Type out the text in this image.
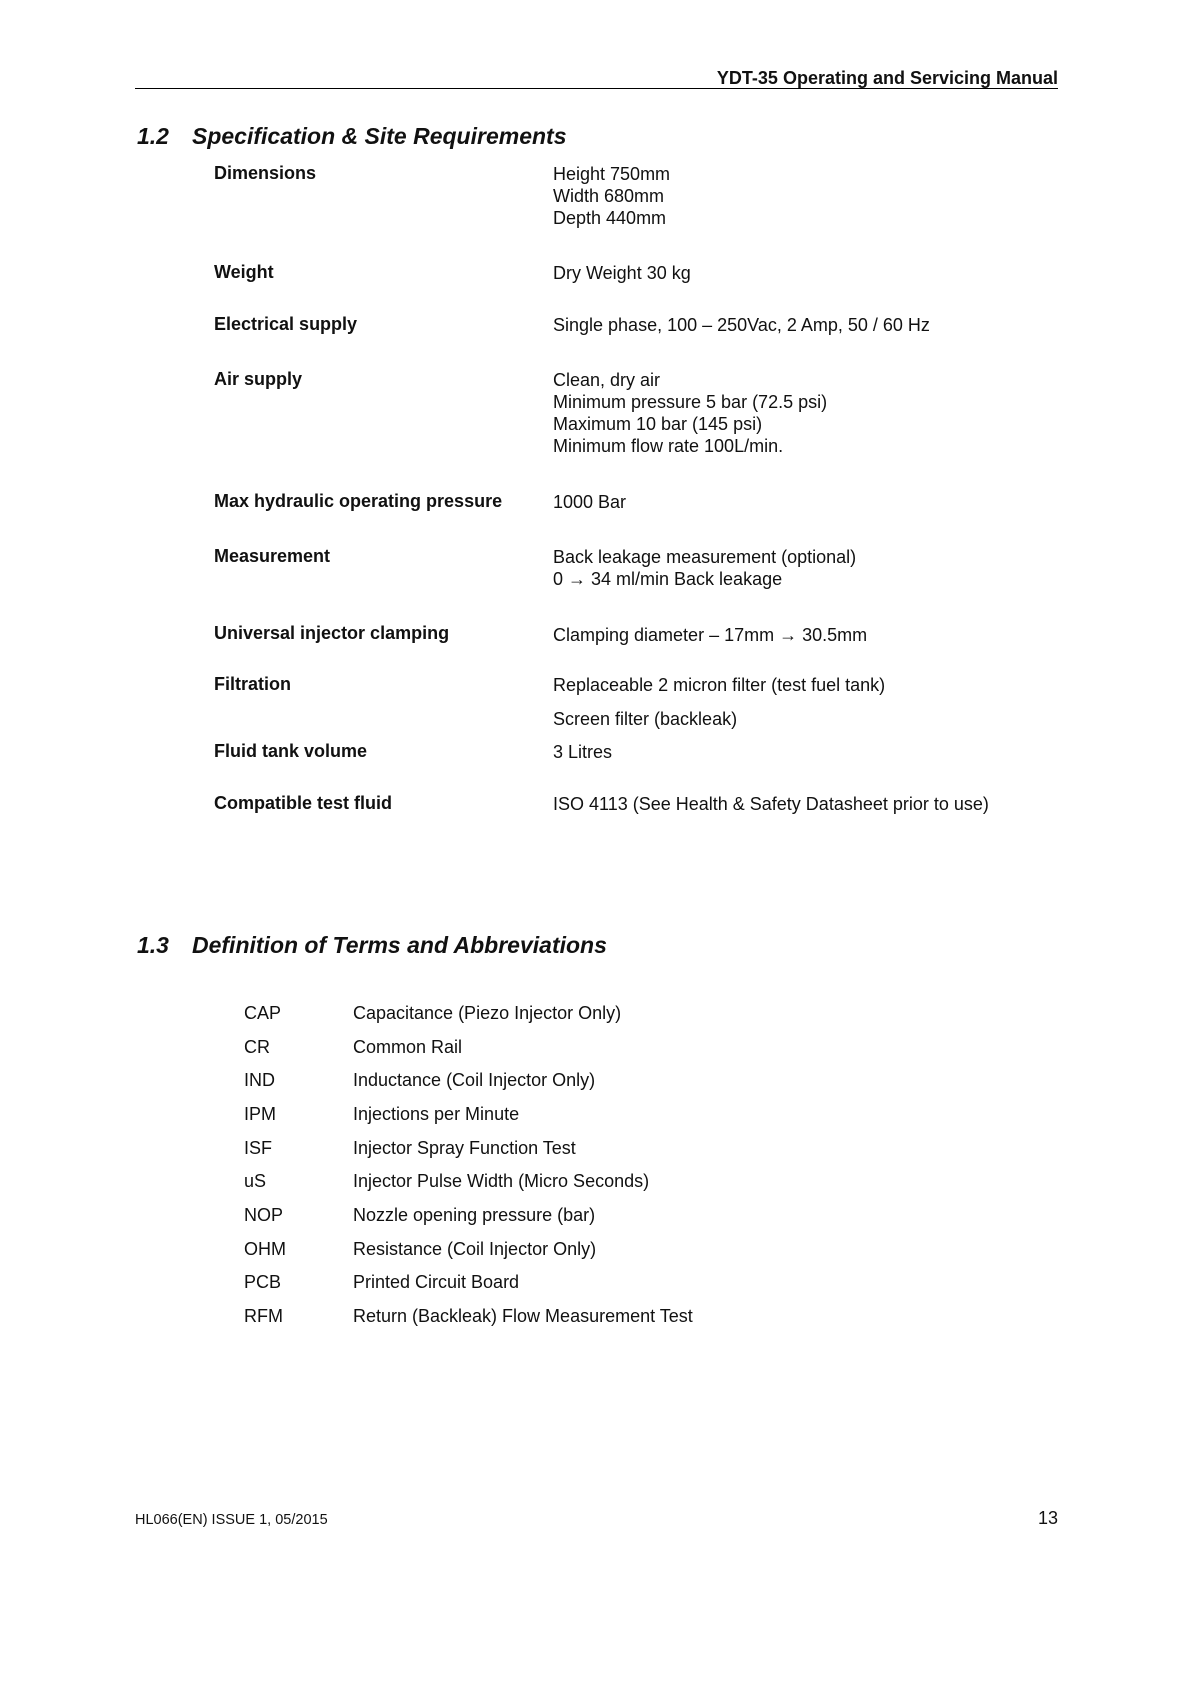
YDT-35 Operating and Servicing Manual
1.2 Specification & Site Requirements
Dimensions	Height 750mm
Width 680mm
Depth 440mm
Weight	Dry Weight 30 kg
Electrical supply	Single phase, 100 – 250Vac, 2 Amp, 50 / 60 Hz
Air supply	Clean, dry air
Minimum pressure 5 bar (72.5 psi)
Maximum 10 bar (145 psi)
Minimum flow rate 100L/min.
Max hydraulic operating pressure	1000 Bar
Measurement	Back leakage measurement (optional)
0 → 34 ml/min Back leakage
Universal injector clamping	Clamping diameter – 17mm → 30.5mm
Filtration	Replaceable 2 micron filter (test fuel tank)
Screen filter (backleak)
Fluid tank volume	3 Litres
Compatible test fluid	ISO 4113 (See Health & Safety Datasheet prior to use)
1.3 Definition of Terms and Abbreviations
CAP	Capacitance (Piezo Injector Only)
CR	Common Rail
IND	Inductance (Coil Injector Only)
IPM	Injections per Minute
ISF	Injector Spray Function Test
uS	Injector Pulse Width (Micro Seconds)
NOP	Nozzle opening pressure (bar)
OHM	Resistance (Coil Injector Only)
PCB	Printed Circuit Board
RFM	Return (Backleak) Flow Measurement Test
HL066(EN) ISSUE 1, 05/2015	13
